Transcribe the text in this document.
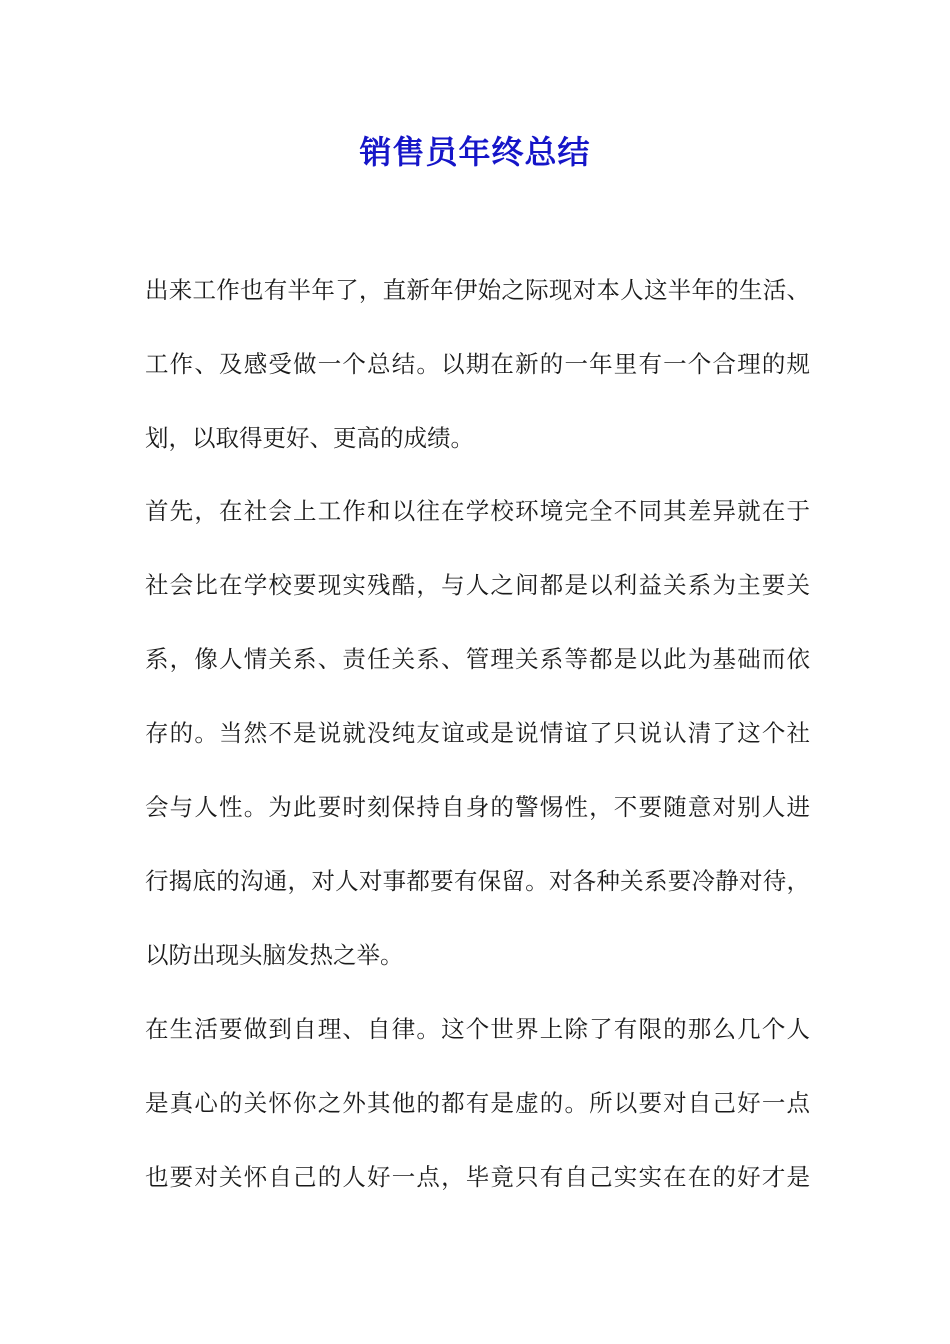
销售员年终总结
出来工作也有半年了，直新年伊始之际现对本人这半年的生活、
工作、及感受做一个总结。以期在新的一年里有一个合理的规
划，以取得更好、更高的成绩。
首先，在社会上工作和以往在学校环境完全不同其差异就在于
社会比在学校要现实残酷，与人之间都是以利益关系为主要关
系，像人情关系、责任关系、管理关系等都是以此为基础而依
存的。当然不是说就没纯友谊或是说情谊了只说认清了这个社
会与人性。为此要时刻保持自身的警惕性，不要随意对别人进
行揭底的沟通，对人对事都要有保留。对各种关系要冷静对待，
以防出现头脑发热之举。
在生活要做到自理、自律。这个世界上除了有限的那么几个人
是真心的关怀你之外其他的都有是虚的。所以要对自己好一点
也要对关怀自己的人好一点，毕竟只有自己实实在在的好才是
